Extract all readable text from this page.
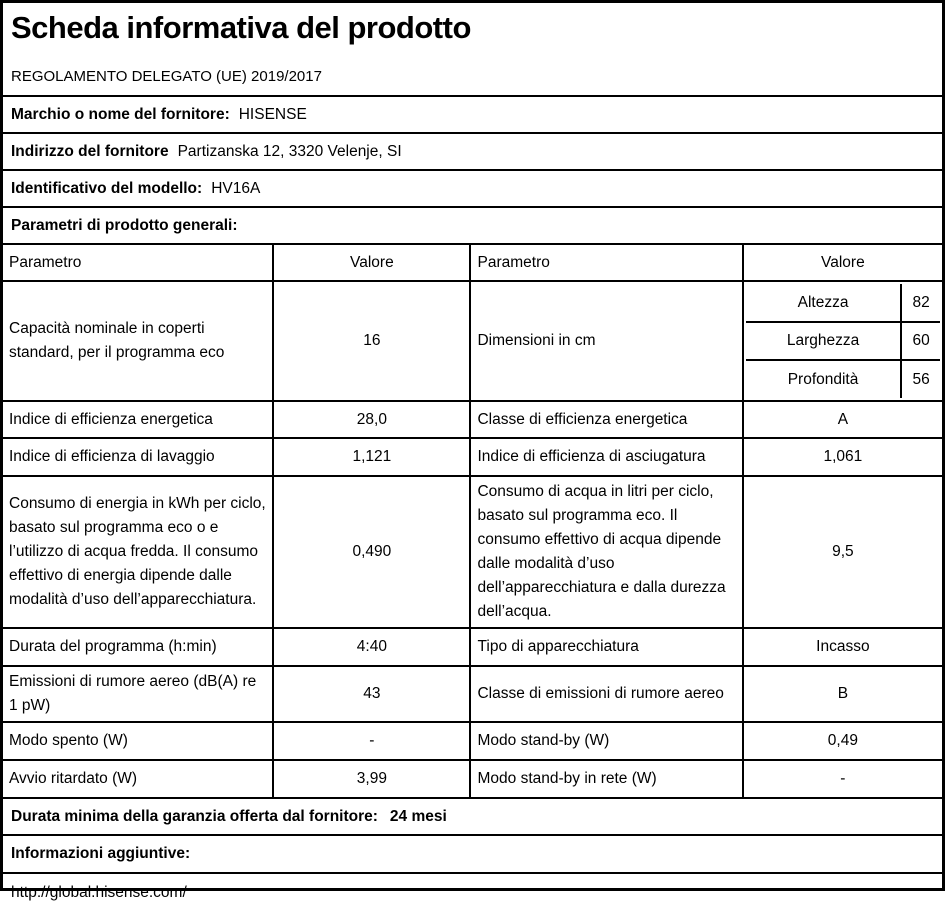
Scheda informativa del prodotto
REGOLAMENTO DELEGATO (UE) 2019/2017
Marchio o nome del fornitore: HISENSE
Indirizzo del fornitore Partizanska 12, 3320 Velenje, SI
Identificativo del modello: HV16A
Parametri di prodotto generali:
Parametro	Valore	Parametro	Valore
Capacità nominale in coperti standard, per il programma eco	16	Dimensioni in cm	
Altezza	82
Larghezza	60
Profondità	56

Indice di efficienza energetica	28,0	Classe di efficienza energetica	A
Indice di efficienza di lavaggio	1,121	Indice di efficienza di asciugatura	1,061
Consumo di energia in kWh per ciclo, basato sul programma eco o e l’utilizzo di acqua fredda. Il consumo effettivo di energia dipende dalle modalità d’uso dell’apparecchiatura.	0,490	Consumo di acqua in litri per ciclo, basato sul programma eco. Il consumo effettivo di acqua dipende dalle modalità d’uso dell’apparecchiatura e dalla durezza dell’acqua.	9,5
Durata del programma (h:min)	4:40	Tipo di apparecchiatura	Incasso
Emissioni di rumore aereo (dB(A) re 1 pW)	43	Classe di emissioni di rumore aereo	B
Modo spento (W)	-	Modo stand-by (W)	0,49
Avvio ritardato (W)	3,99	Modo stand-by in rete (W)	-
Durata minima della garanzia offerta dal fornitore: 24 mesi
Informazioni aggiuntive:
http://global.hisense.com/
